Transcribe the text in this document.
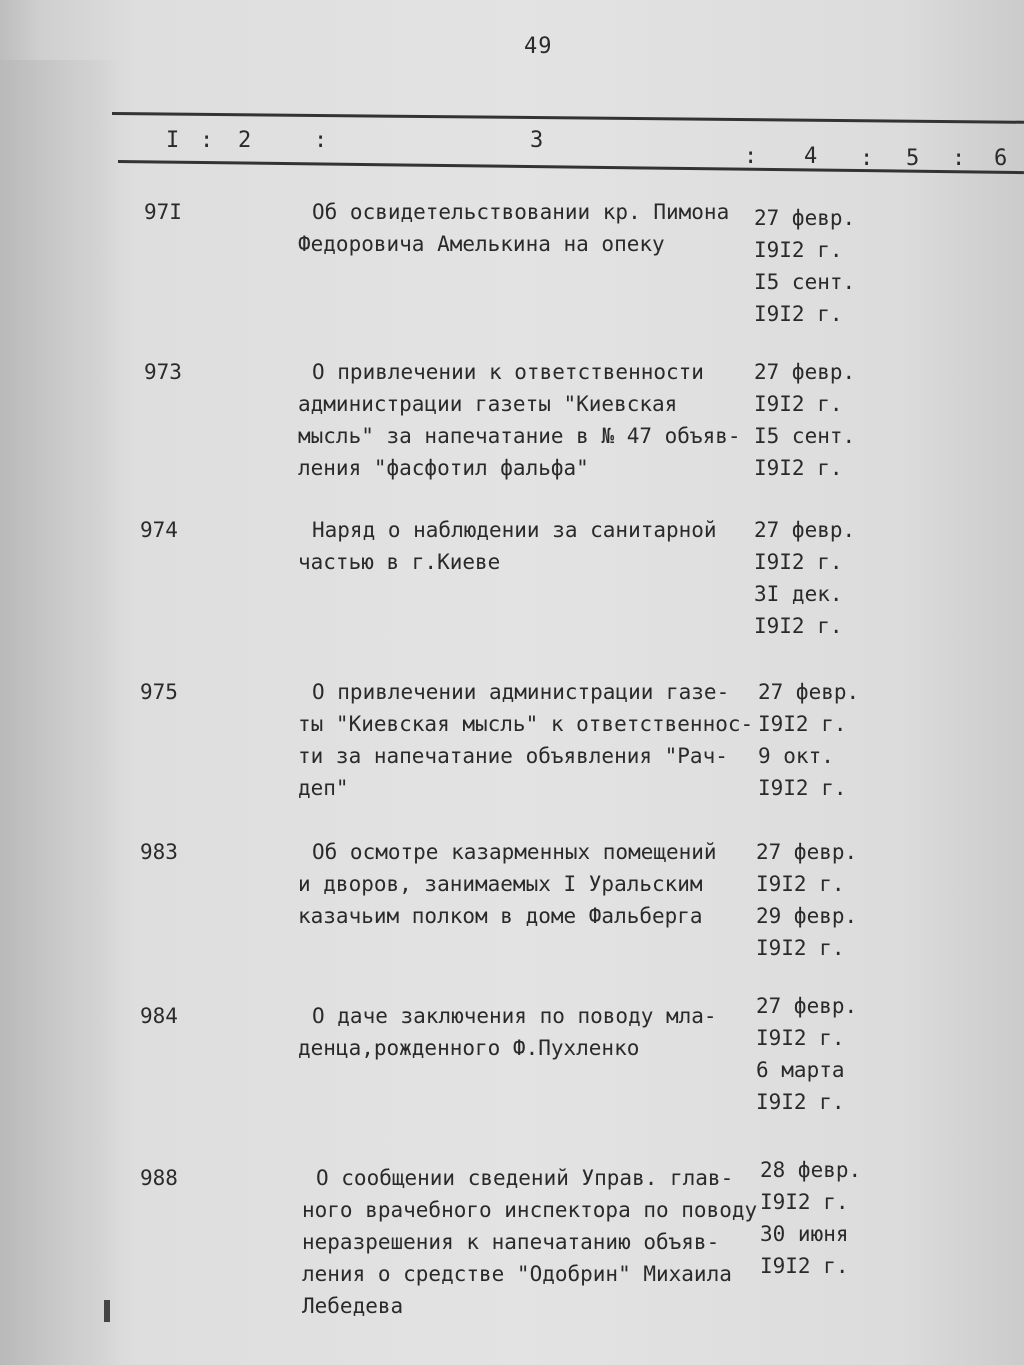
49
I : 2	:	3
: 4 : 5 : 6
97I	Об освидетельствовании кр. Пимона
Федоровича Амелькина на опеку
27 февр.
I9I2 г.
I5 сент.
I9I2 г.
973	О привлечении к ответственности
администрации газеты "Киевская
мысль" за напечатание в № 47 объяв-
ления "фасфотил фальфа"
27 февр.
I9I2 г.
I5 сент.
I9I2 г.
974	Наряд о наблюдении за санитарной
частью в г.Киеве
27 февр.
I9I2 г.
3I дек.
I9I2 г.
975	О привлечении администрации газе-
ты "Киевская мысль" к ответственнос-
ти за напечатание объявления "Рач-
деп"
27 февр.
I9I2 г.
9 окт.
I9I2 г.
983	Об осмотре казарменных помещений
и дворов, занимаемых I Уральским
казачьим полком в доме Фальберга
27 февр.
I9I2 г.
29 февр.
I9I2 г.
984	О даче заключения по поводу мла-
денца,рожденного Ф.Пухленко
27 февр.
I9I2 г.
6 марта
I9I2 г.
988	О сообщении сведений Управ. глав-
ного врачебного инспектора по поводу
неразрешения к напечатанию объяв-
ления о средстве "Одобрин" Михаила
Лебедева
28 февр.
I9I2 г.
30 июня
I9I2 г.
